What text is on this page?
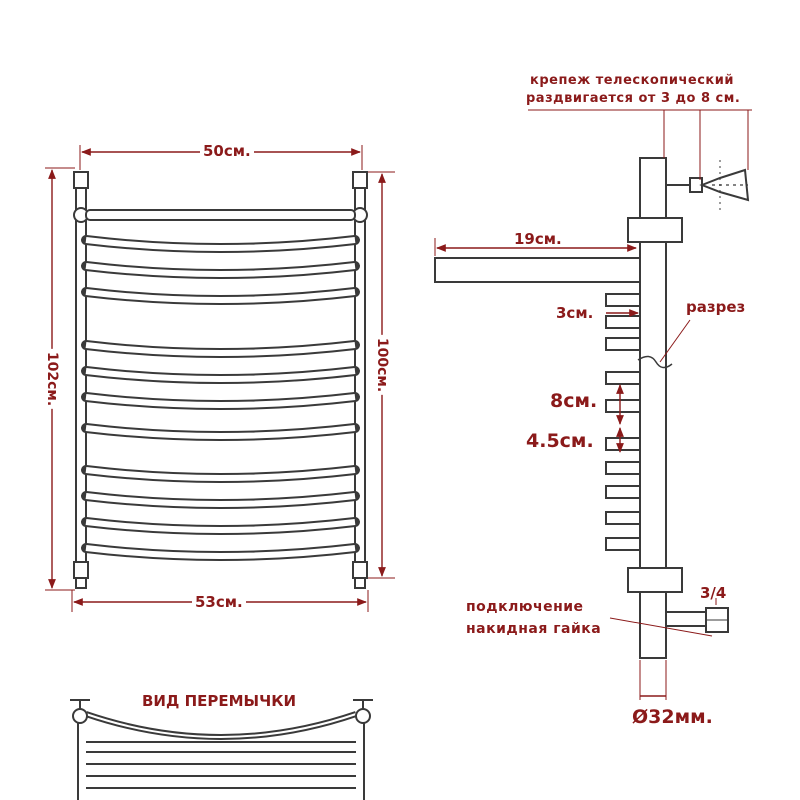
50см.
53см.
102см.	100см.
крепеж телескопический
раздвигается от 3 до 8 см.
19см.
3см.	разрез
8см.
4.5см.
3/4
подключение
накидная гайка
Ø32мм.
ВИД ПЕРЕМЫЧКИ
